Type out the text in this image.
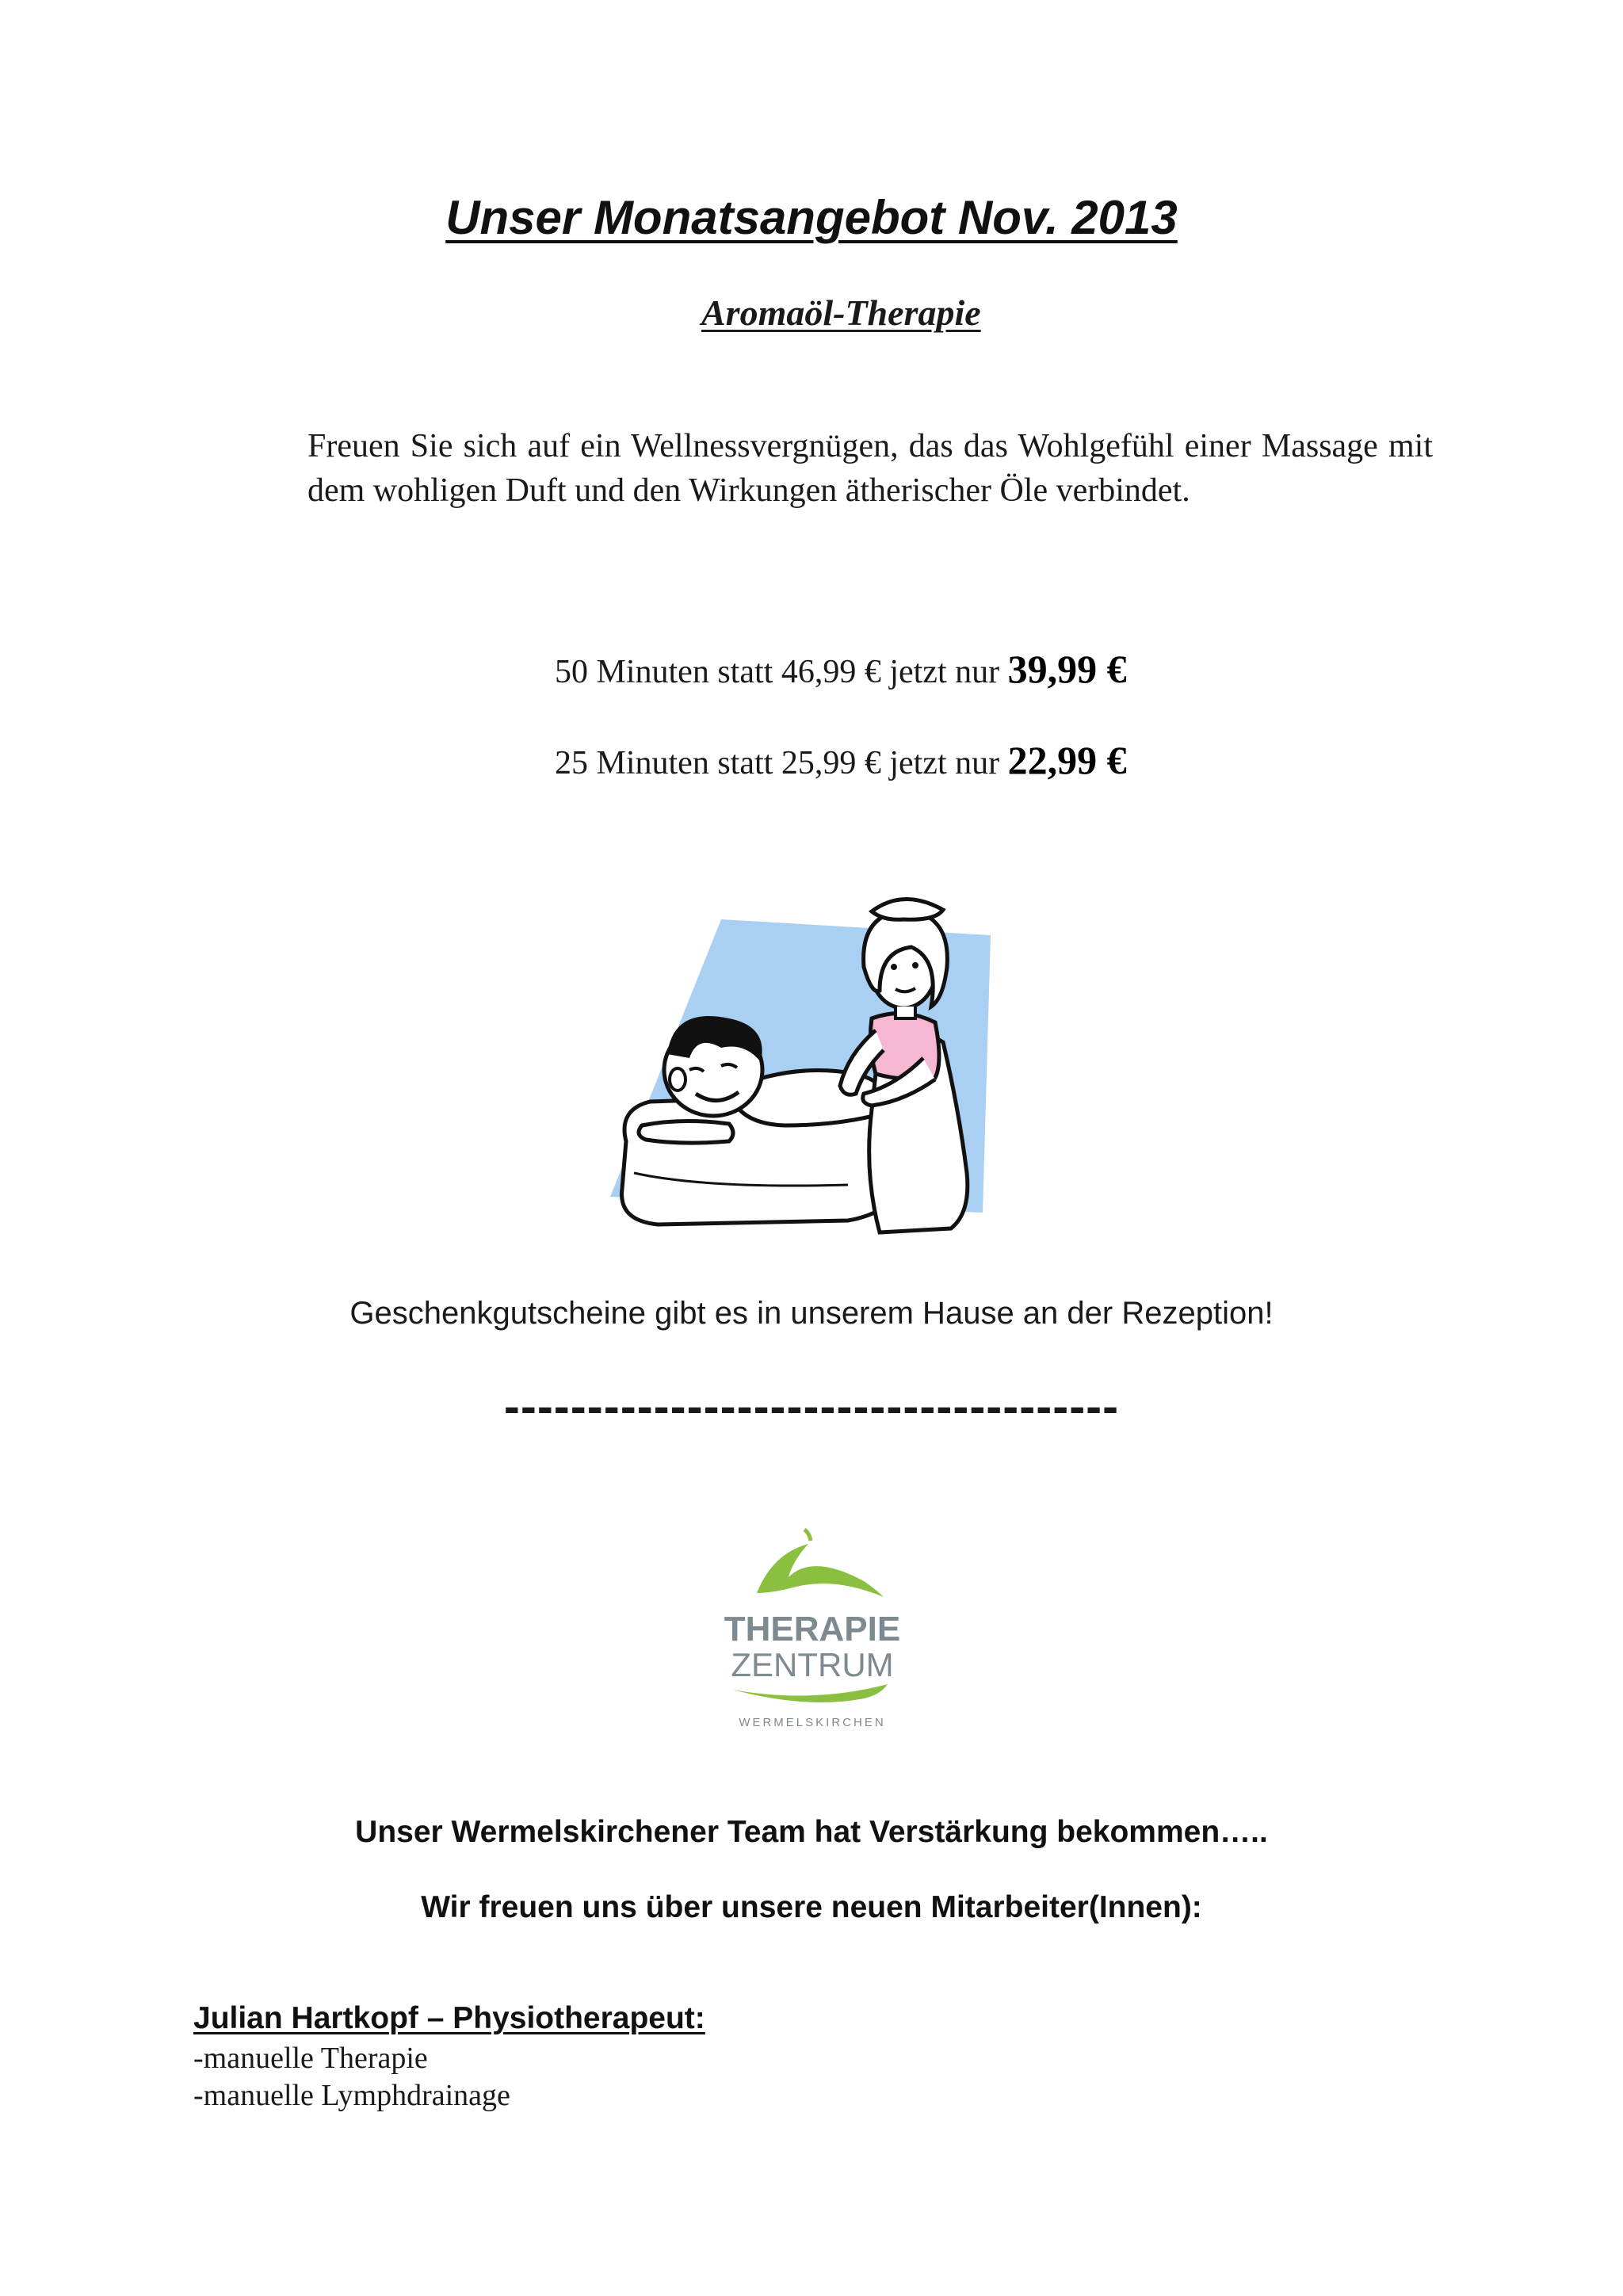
Unser Monatsangebot Nov. 2013
Aromaöl-Therapie
Freuen Sie sich auf ein Wellnessvergnügen, das das Wohlgefühl einer Massage mit dem wohligen Duft und den Wirkungen ätherischer Öle verbindet.
50 Minuten statt 46,99 € jetzt nur 39,99 €
25 Minuten statt 25,99 € jetzt nur 22,99 €
Geschenkgutscheine gibt es in unserem Hause an der Rezeption!
-------------------------------------
THERAPIE
ZENTRUM
WERMELSKIRCHEN
Unser Wermelskirchener Team hat Verstärkung bekommen…..
Wir freuen uns über unsere neuen Mitarbeiter(Innen):
Julian Hartkopf – Physiotherapeut:
-manuelle Therapie
-manuelle Lymphdrainage
